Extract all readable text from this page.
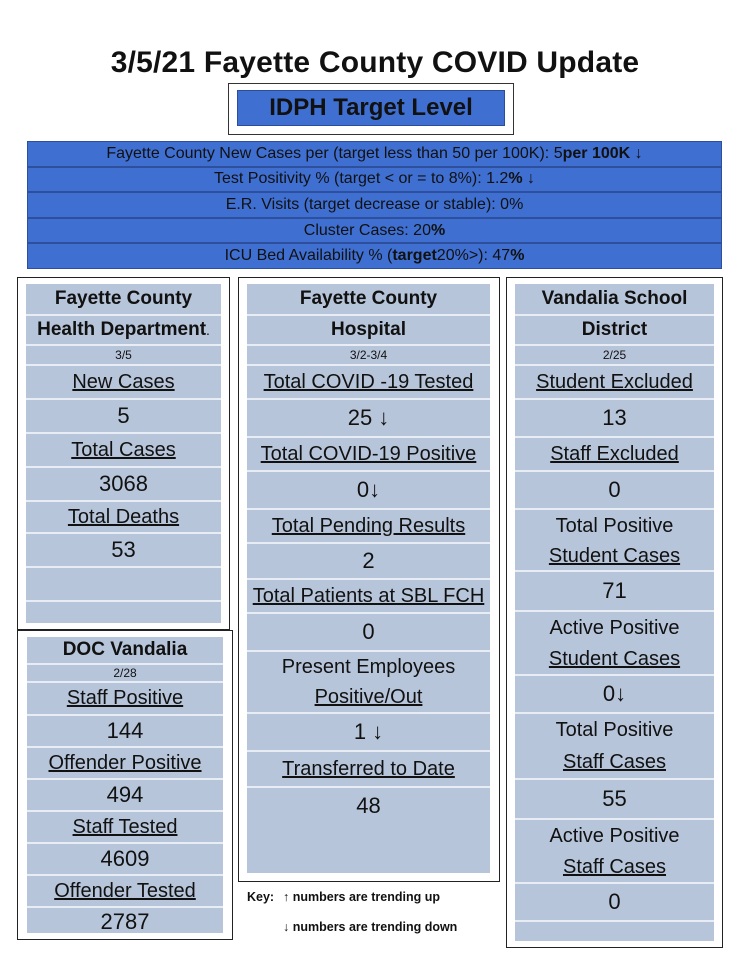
3/5/21 Fayette County COVID Update
IDPH Target Level
Fayette County New Cases per (target less than 50 per 100K): 5 per 100K ↓
Test Positivity % (target < or = to 8%): 1.2 % ↓
E.R. Visits (target decrease or stable): 0%
Cluster Cases: 20 %
ICU Bed Availability % ( target 20%>): 47 %
Fayette County
Health Department .
3/5
New Cases
5
Total Cases
3068
Total Deaths
53
DOC Vandalia
2/28
Staff Positive
144
Offender Positive
494
Staff Tested
4609
Offender Tested
2787
Fayette County
Hospital
3/2-3/4
Total COVID -19 Tested
25 ↓
Total COVID-19 Positive
0↓
Total Pending Results
2
Total Patients at SBL FCH
0
Present Employees
Positive/Out
1 ↓
Transferred to Date
48
Vandalia School
District
2/25
Student Excluded
13
Staff Excluded
0
Total Positive
Student Cases
71
Active Positive
Student Cases
0↓
Total Positive
Staff Cases
55
Active Positive
Staff Cases
0
Key: ↑ numbers are trending up
↓ numbers are trending down
